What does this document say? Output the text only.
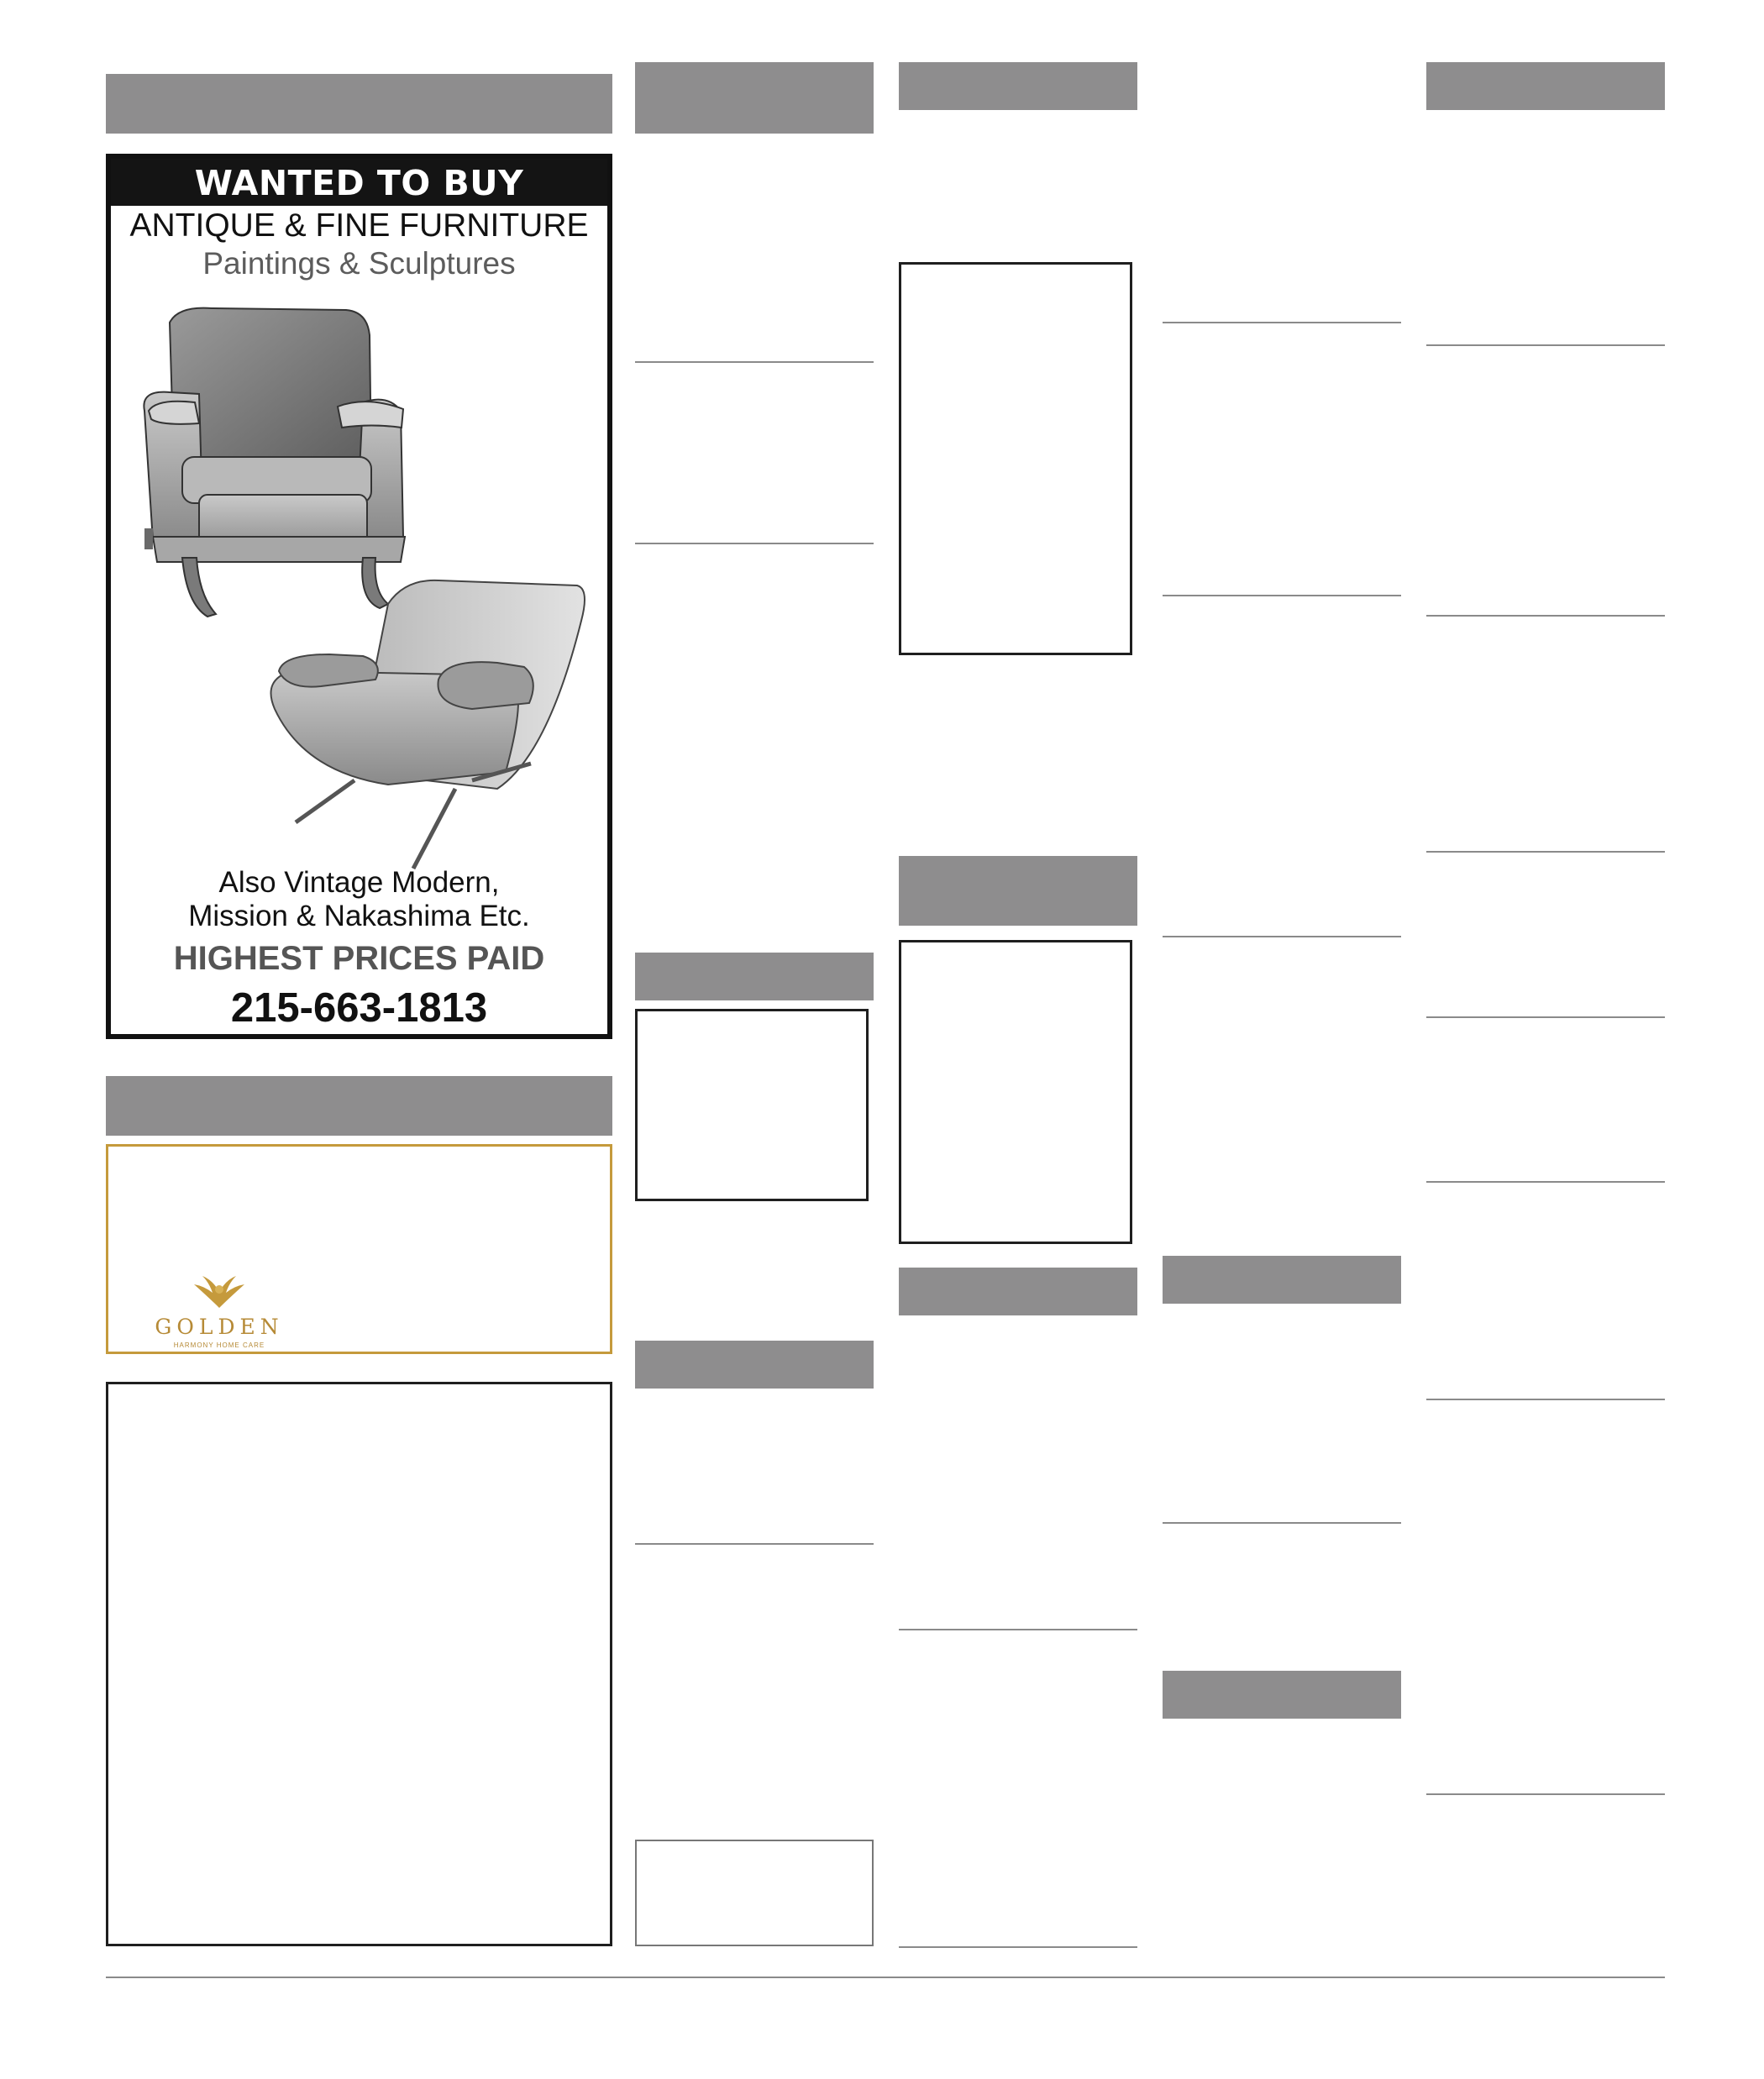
WANTED TO BUY
ANTIQUE & FINE FURNITURE
Paintings & Sculptures
Also Vintage Modern,
Mission & Nakashima Etc.
HIGHEST PRICES PAID
215-663-1813
GOLDEN
HARMONY HOME CARE
